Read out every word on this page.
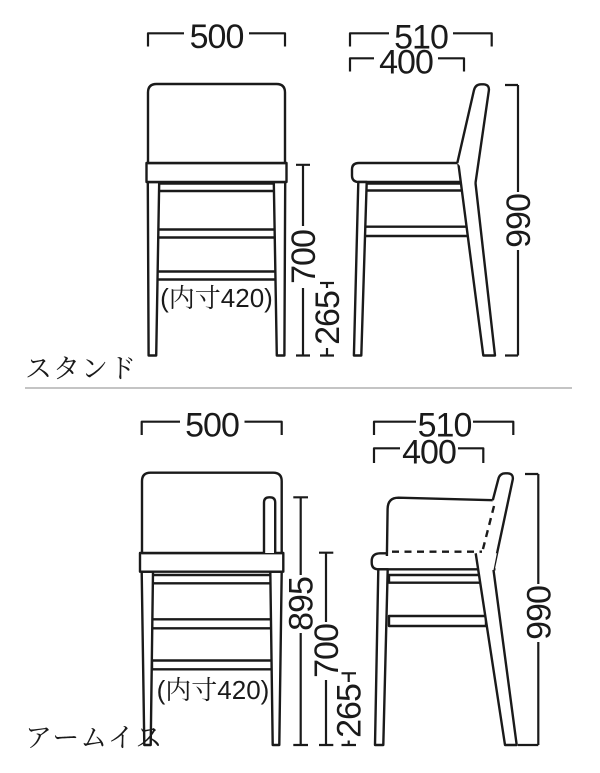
(内寸420)
500
700
265
510
400
990
スタンド
(内寸420)
500
895
700
265
510
400
990
アームイス
